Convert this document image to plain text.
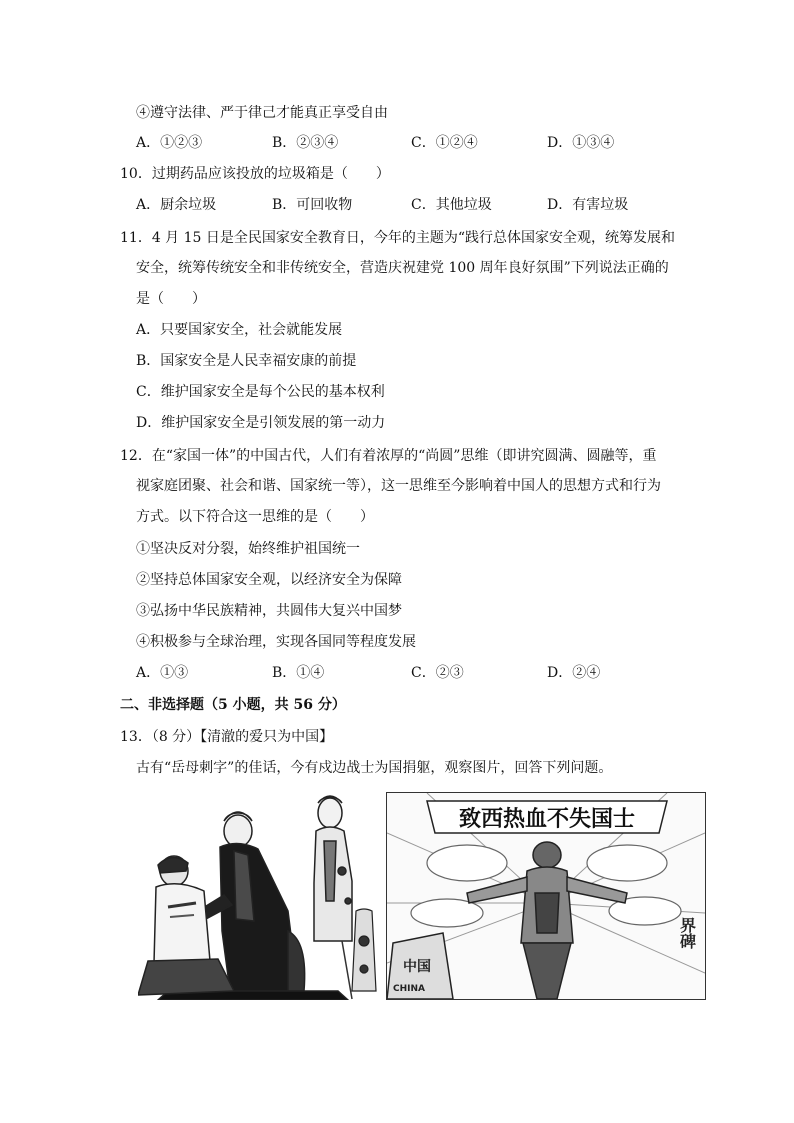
④遵守法律、严于律己才能真正享受自由
A．①②③	B．②③④	C．①②④	D．①③④
10．过期药品应该投放的垃圾箱是（　　）
A．厨余垃圾	B．可回收物	C．其他垃圾	D．有害垃圾
11．4 月 15 日是全民国家安全教育日，今年的主题为“践行总体国家安全观，统筹发展和
安全，统筹传统安全和非传统安全，营造庆祝建党 100 周年良好氛围”下列说法正确的
是（　　）
A．只要国家安全，社会就能发展
B．国家安全是人民幸福安康的前提
C．维护国家安全是每个公民的基本权利
D．维护国家安全是引领发展的第一动力
12．在“家国一体”的中国古代，人们有着浓厚的“尚圆”思维（即讲究圆满、圆融等，重
视家庭团聚、社会和谐、国家统一等），这一思维至今影响着中国人的思想方式和行为
方式。以下符合这一思维的是（　　）
①坚决反对分裂，始终维护祖国统一
②坚持总体国家安全观，以经济安全为保障
③弘扬中华民族精神，共圆伟大复兴中国梦
④积极参与全球治理，实现各国同等程度发展
A．①③	B．①④	C．②③	D．②④
二、非选择题（5 小题，共 56 分）
13．（8 分）【清澈的爱只为中国】
古有“岳母刺字”的佳话，今有戍边战士为国捐躯，观察图片，回答下列问题。
致西热血不失国士
中国
CHINA
界碑
